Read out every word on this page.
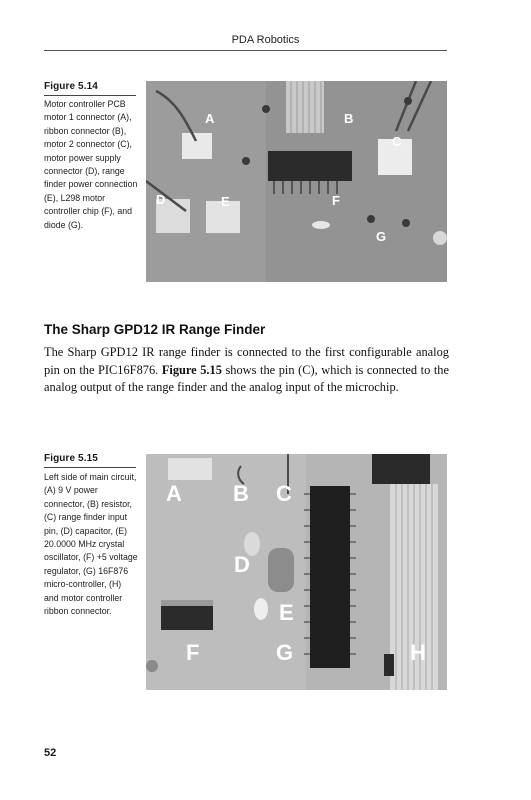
PDA Robotics
Figure 5.14
Motor controller PCB motor 1 connector (A), ribbon connector (B), motor 2 connector (C), motor power supply connector (D), range finder power connection (E), L298 motor controller chip (F), and diode (G).
A	B
C
D	E	F
G
The Sharp GPD12 IR Range Finder
The Sharp GPD12 IR range finder is connected to the first configurable analog pin on the PIC16F876. Figure 5.15 shows the pin (C), which is connected to the analog output of the range finder and the analog input of the microchip.
Figure 5.15
Left side of main circuit, (A) 9 V power connector, (B) resistor, (C) range finder input pin, (D) capacitor, (E) 20.0000 MHz crystal oscillator, (F) +5 voltage regulator, (G) 16F876 micro-controller, (H) and motor controller ribbon connector.
A B C
D
E
F	G	H
52
